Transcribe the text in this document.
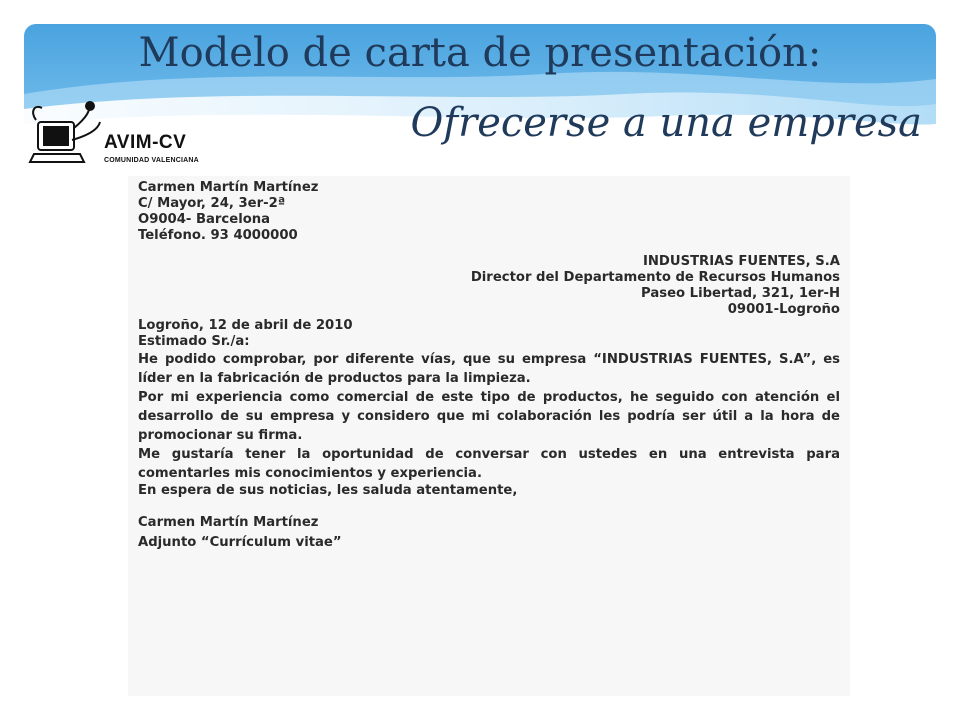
Modelo de carta de presentación:
Ofrecerse a una empresa
AVIM-CV
COMUNIDAD VALENCIANA

Carmen Martín Martínez

C/ Mayor, 24, 3er-2ª

O9004- Barcelona

Teléfono. 93 4000000

INDUSTRIAS FUENTES, S.A

Director del Departamento de Recursos Humanos

Paseo Libertad, 321, 1er-H

09001-Logroño

Logroño, 12 de abril de 2010

Estimado Sr./a:

He podido comprobar, por diferente vías, que su empresa “INDUSTRIAS FUENTES, S.A”, es líder en la fabricación de productos para la limpieza.

Por mi experiencia como comercial de este tipo de productos, he seguido con atención el desarrollo de su empresa y considero que mi colaboración les podría ser útil a la hora de promocionar su firma.

Me gustaría tener la oportunidad de conversar con ustedes en una entrevista para comentarles mis conocimientos y experiencia.

En espera de sus noticias, les saluda atentamente,

Carmen Martín Martínez

Adjunto “Currículum vitae”
